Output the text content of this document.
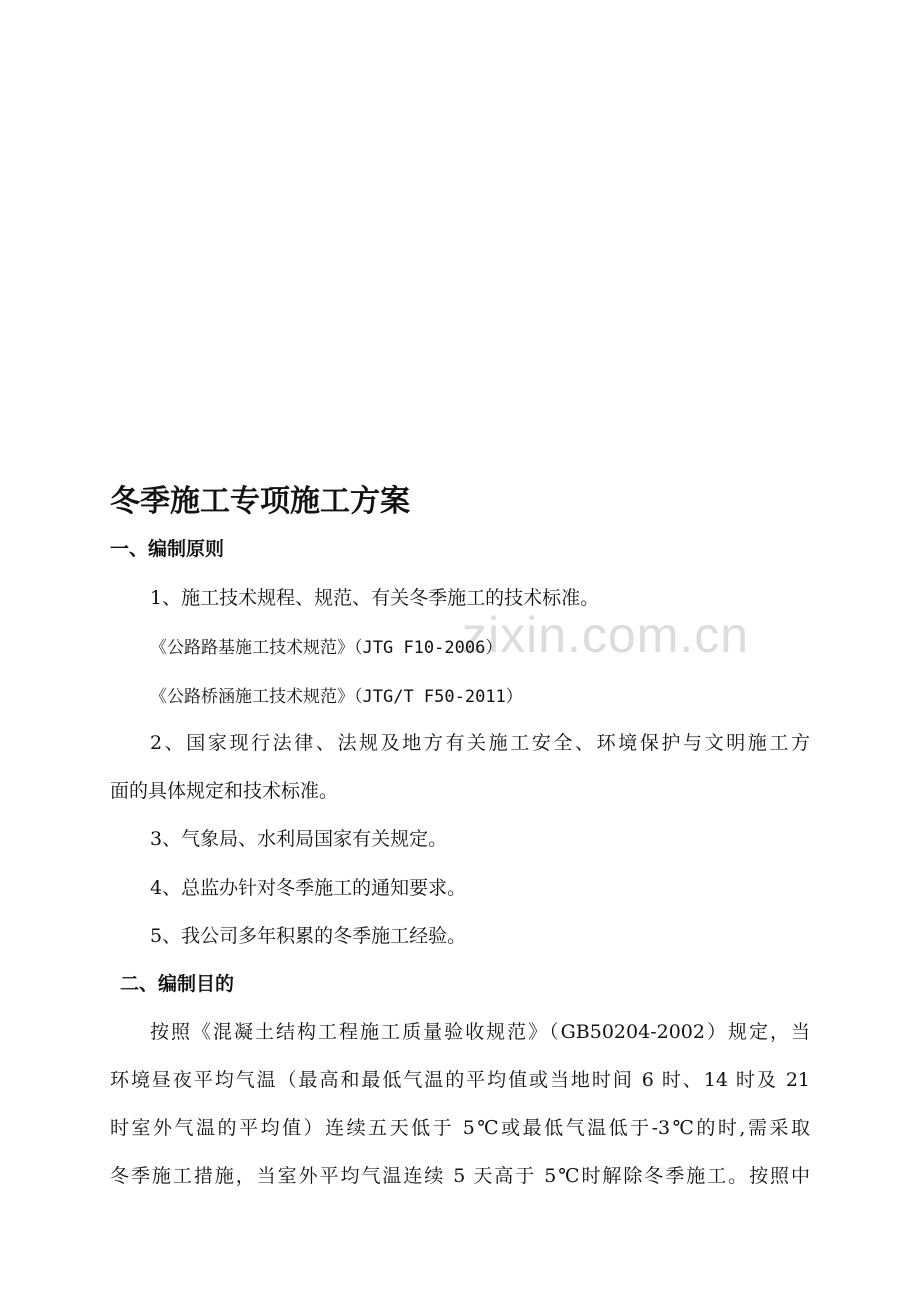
zixin.com.cn
冬季施工专项施工方案
一、编制原则
1、施工技术规程、规范、有关冬季施工的技术标准。
《公路路基施工技术规范》（JTG F10-2006）
《公路桥涵施工技术规范》（JTG/T F50-2011）
2、国家现行法律、法规及地方有关施工安全、环境保护与文明施工方
面的具体规定和技术标准。
3、气象局、水利局国家有关规定。
4、总监办针对冬季施工的通知要求。
5、我公司多年积累的冬季施工经验。
二、编制目的
按照《混凝土结构工程施工质量验收规范》（GB50204-2002）规定，当
环境昼夜平均气温（最高和最低气温的平均值或当地时间 6 时、14 时及 21
时室外气温的平均值）连续五天低于 5℃或最低气温低于-3℃的时,需采取
冬季施工措施，当室外平均气温连续 5 天高于 5℃时解除冬季施工。按照中
